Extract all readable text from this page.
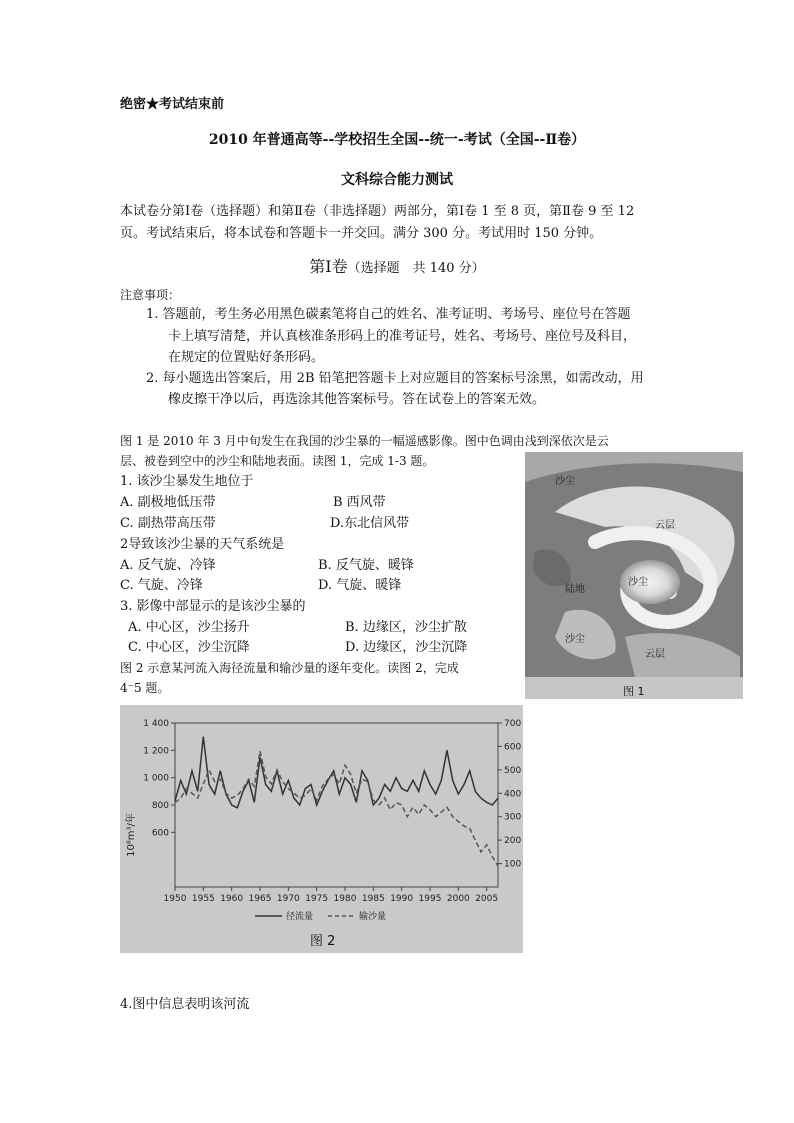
绝密★考试结束前
2010 年普通高等--学校招生全国--统一-考试（全国--Ⅱ卷）
文科综合能力测试
本试卷分第Ⅰ卷（选择题）和第Ⅱ卷（非选择题）两部分，第Ⅰ卷 1 至 8 页，第Ⅱ卷 9 至 12
页。考试结束后，将本试卷和答题卡一并交回。满分 300 分。考试用时 150 分钟。
第Ⅰ卷（选择题　共 140 分）
注意事项：
1. 答题前，考生务必用黑色碳素笔将自己的姓名、准考证明、考场号、座位号在答题
卡上填写清楚，并认真核准条形码上的准考证号，姓名、考场号、座位号及科目，
在规定的位置贴好条形码。
2. 每小题选出答案后，用 2B 铅笔把答题卡上对应题目的答案标号涂黑，如需改动，用
橡皮擦干净以后，再选涂其他答案标号。答在试卷上的答案无效。
图 1 是 2010 年 3 月中旬发生在我国的沙尘暴的一幅遥感影像。图中色调由浅到深依次是云
层、被卷到空中的沙尘和陆地表面。读图 1，完成 1-3 题。
1. 该沙尘暴发生地位于
A. 副极地低压带	B 西风带
C. 副热带高压带	D.东北信风带
2导致该沙尘暴的天气系统是
A. 反气旋、冷锋	B. 反气旋、暖锋
C. 气旋、冷锋	D. 气旋、暖锋
3. 影像中部显示的是该沙尘暴的
A. 中心区，沙尘扬升	B. 边缘区，沙尘扩散
C. 中心区，沙尘沉降	D. 边缘区，沙尘沉降
图 2 示意某河流入海径流量和输沙量的逐年变化。读图 2，完成
4⁻5 题。
沙尘
云层
沙尘
陆地
沙尘
云层
图 1
1950 1955 1960 1965 1970 1975 1980 1985 1990 1995 2000 2005
600
800
1 000
1 200
1 400
100
200
300
400
500
600
700
10⁸m³/年
径流量	输沙量
图 2
4.图中信息表明该河流
